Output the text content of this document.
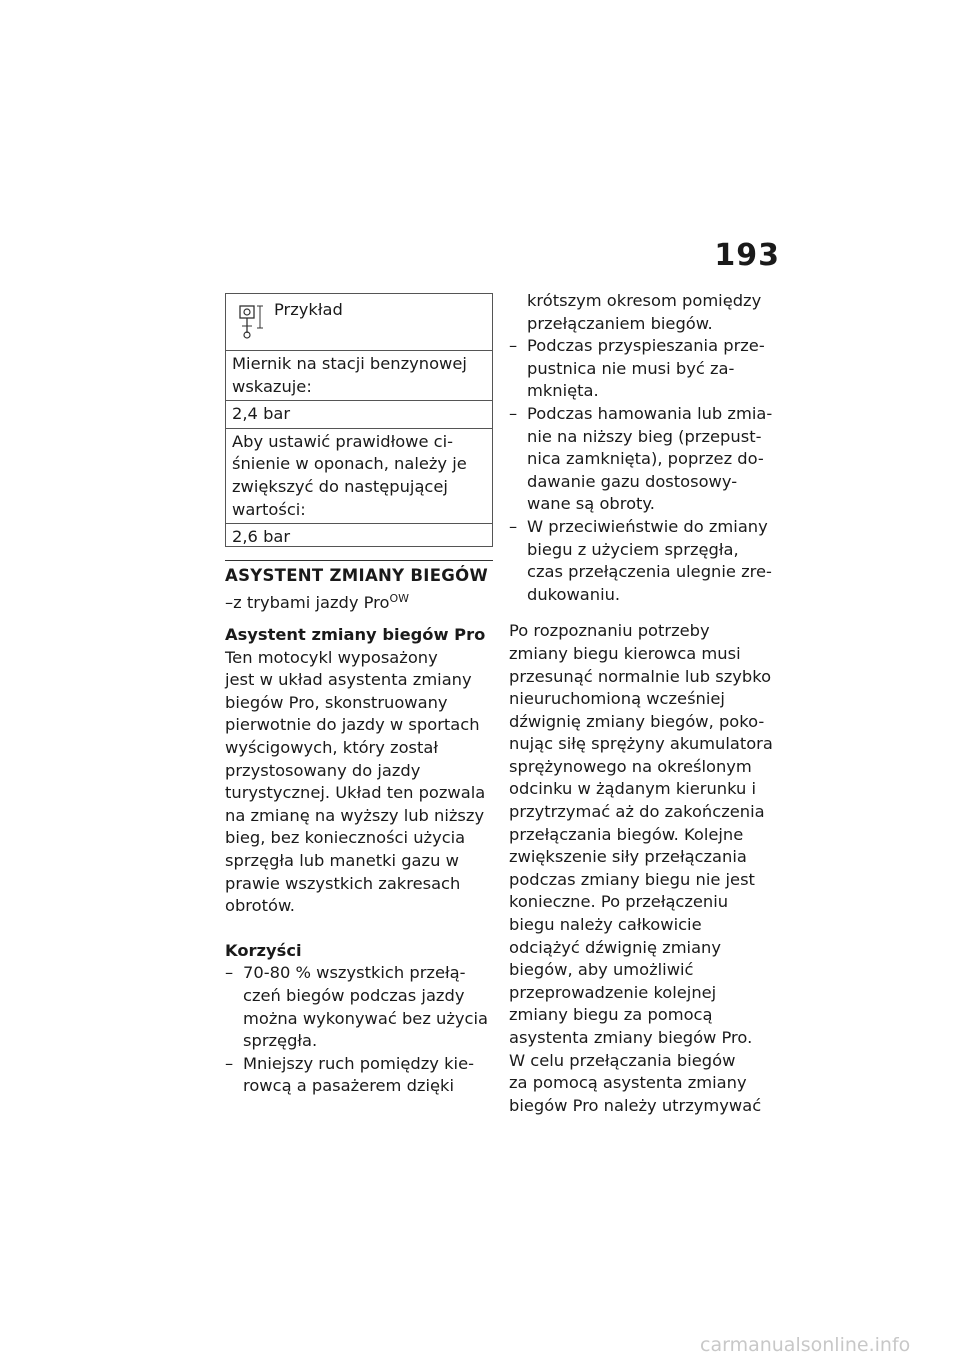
193
Przykład

Miernik na stacji benzynowej

wskazuje:

2,4 bar

Aby ustawić prawidłowe ci-

śnienie w oponach, należy je

zwiększyć do następującej

wartości:

2,6 bar

ASYSTENT ZMIANY BIEGÓW
–z trybami jazdy Pro$^{OW}$

Asystent zmiany biegów Pro

Ten motocykl wyposażony

jest w układ asystenta zmiany

biegów Pro, skonstruowany

pierwotnie do jazdy w sportach

wyścigowych, który został

przystosowany do jazdy

turystycznej. Układ ten pozwala

na zmianę na wyższy lub niższy

bieg, bez konieczności użycia

sprzęgła lub manetki gazu w

prawie wszystkich zakresach

obrotów.

Korzyści

– 70-80 % wszystkich przełą-

czeń biegów podczas jazdy

można wykonywać bez użycia

sprzęgła.

– Mniejszy ruch pomiędzy kie-

rowcą a pasażerem dzięki

krótszym okresom pomiędzy

przełączaniem biegów.

– Podczas przyspieszania prze-

pustnica nie musi być za-

mknięta.

– Podczas hamowania lub zmia-

nie na niższy bieg (przepust-

nica zamknięta), poprzez do-

dawanie gazu dostosowy-

wane są obroty.

– W przeciwieństwie do zmiany

biegu z użyciem sprzęgła,

czas przełączenia ulegnie zre-

dukowaniu.

Po rozpoznaniu potrzeby

zmiany biegu kierowca musi

przesunąć normalnie lub szybko

nieuruchomioną wcześniej

dźwignię zmiany biegów, poko-

nując siłę sprężyny akumulatora

sprężynowego na określonym

odcinku w żądanym kierunku i

przytrzymać aż do zakończenia

przełączania biegów. Kolejne

zwiększenie siły przełączania

podczas zmiany biegu nie jest

konieczne. Po przełączeniu

biegu należy całkowicie

odciążyć dźwignię zmiany

biegów, aby umożliwić

przeprowadzenie kolejnej

zmiany biegu za pomocą

asystenta zmiany biegów Pro.

W celu przełączania biegów

za pomocą asystenta zmiany

biegów Pro należy utrzymywać

carmanualsonline.info
